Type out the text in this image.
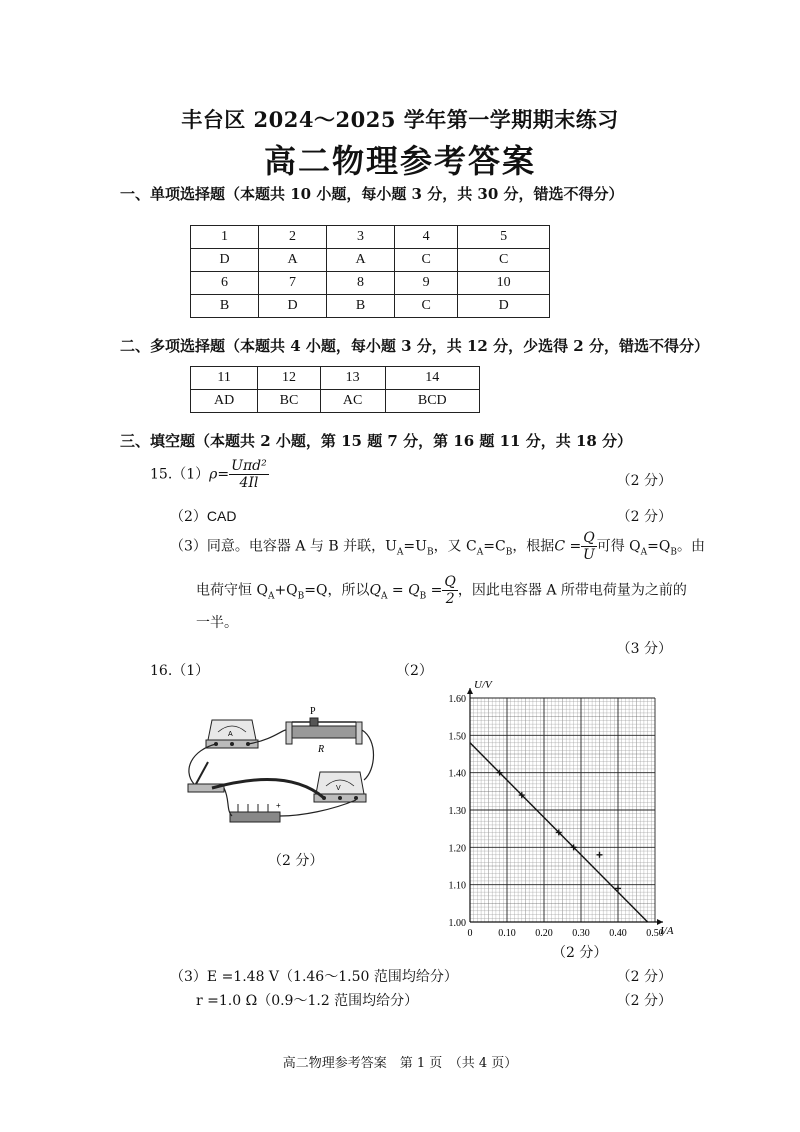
丰台区 2024～2025 学年第一学期期末练习
高二物理参考答案
一、单项选择题（本题共 10 小题，每小题 3 分，共 30 分，错选不得分）
1	2	3	4	5
D	A	A	C	C
6	7	8	9	10
B	D	B	C	D
二、多项选择题（本题共 4 小题，每小题 3 分，共 12 分，少选得 2 分，错选不得分）
11	12	13	14
AD	BC	AC	BCD
三、填空题（本题共 2 小题，第 15 题 7 分，第 16 题 11 分，共 18 分）
$15.(1)\rho= \frac{\text{Uπd²}}{4Il}$	（2 分）
（2）CAD	（2 分）
（3）同意。电容器 A 与 B 并联，$U_A=U_B$，又 $C_A=C_B$，根据$C = \frac{Q}{U}$ 可得 $Q_A=Q_B$。由
电荷守恒 $Q_A+Q_B=Q$，所以$Q_A = Q_B = \frac{Q}{2}$ ，因此电容器 A 所带电荷量为之前的
一半。
（3 分）
16.（1）	（2）
A
P
R
+
V
（2 分）
0	0.10 0.20 0.30 0.40 0.50
1.00
1.10
1.20
1.30
1.40
1.50
1.60
U/V
I/A
（2 分）
（3）E =1.48 V（1.46～1.50 范围均给分）	（2 分）
r =1.0 Ω（0.9～1.2 范围均给分）	（2 分）
高二物理参考答案　第 1 页　（共 4 页）
